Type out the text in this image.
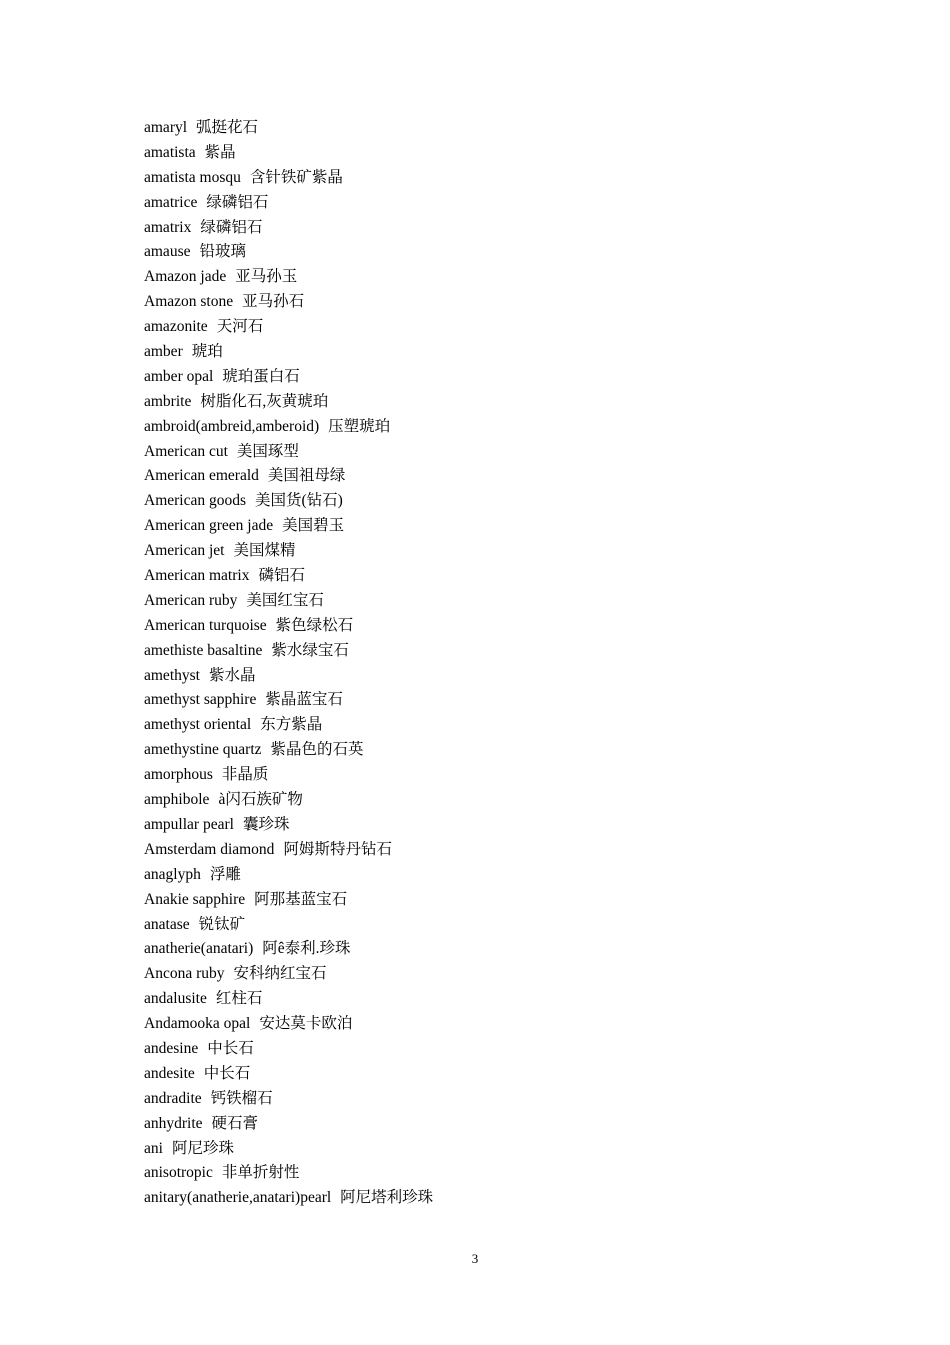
amaryl 弧挺花石
amatista 紫晶
amatista mosqu 含针铁矿紫晶
amatrice 绿磷铝石
amatrix 绿磷铝石
amause 铅玻璃
Amazon jade 亚马孙玉
Amazon stone 亚马孙石
amazonite 天河石
amber 琥珀
amber opal 琥珀蛋白石
ambrite 树脂化石,灰黄琥珀
ambroid(ambreid,amberoid) 压塑琥珀
American cut 美国琢型
American emerald 美国祖母绿
American goods 美国货(钻石)
American green jade 美国碧玉
American jet 美国煤精
American matrix 磷铝石
American ruby 美国红宝石
American turquoise 紫色绿松石
amethiste basaltine 紫水绿宝石
amethyst 紫水晶
amethyst sapphire 紫晶蓝宝石
amethyst oriental 东方紫晶
amethystine quartz 紫晶色的石英
amorphous 非晶质
amphibole à闪石族矿物
ampullar pearl 囊珍珠
Amsterdam diamond 阿姆斯特丹钻石
anaglyph 浮雕
Anakie sapphire 阿那基蓝宝石
anatase 锐钛矿
anatherie(anatari) 阿ê泰利.珍珠
Ancona ruby 安科纳红宝石
andalusite 红柱石
Andamooka opal 安达莫卡欧泊
andesine 中长石
andesite 中长石
andradite 钙铁榴石
anhydrite 硬石膏
ani 阿尼珍珠
anisotropic 非单折射性
anitary(anatherie,anatari)pearl 阿尼塔利珍珠
3
